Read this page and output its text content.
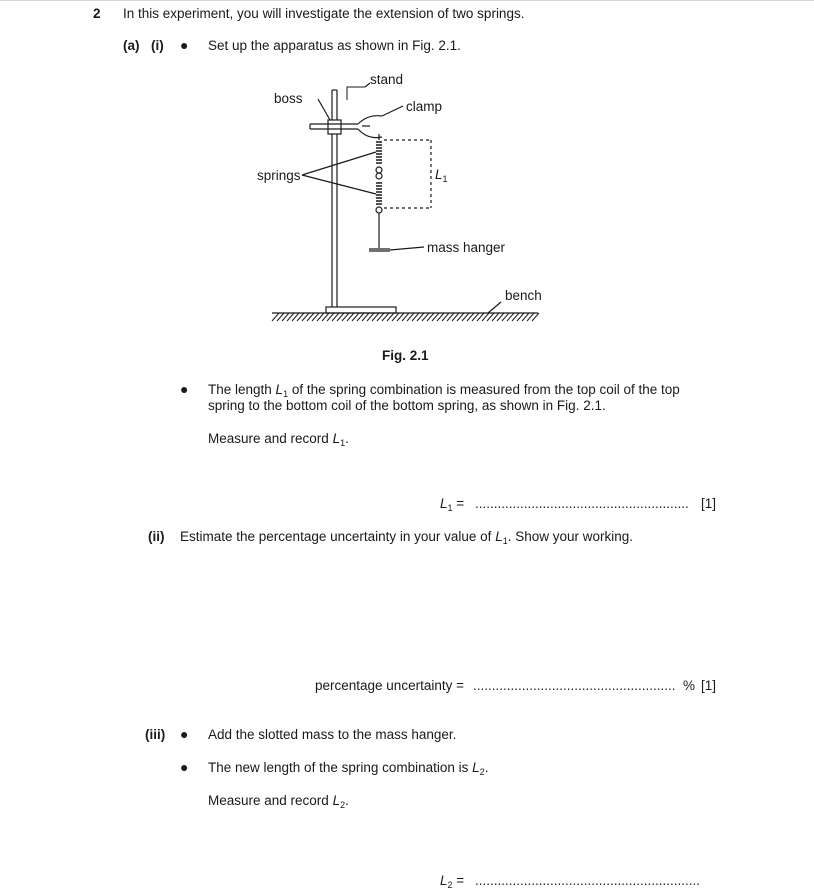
2 In this experiment, you will investigate the extension of two springs.
(a) (i) ● Set up the apparatus as shown in Fig. 2.1.
stand
boss
clamp
springs
mass hanger
bench
$L_1$
Fig. 2.1
● The length $L_1$ of the spring combination is measured from the top coil of the top
spring to the bottom coil of the bottom spring, as shown in Fig. 2.1.
Measure and record $L_1$.
$L_1$ = ......................................................... [1]
(ii) Estimate the percentage uncertainty in your value of $L_1$. Show your working.
percentage uncertainty = ...................................................... % [1]
(iii) ● Add the slotted mass to the mass hanger.
● The new length of the spring combination is $L_2$.
Measure and record $L_2$.
$L_2$ = ............................................................
